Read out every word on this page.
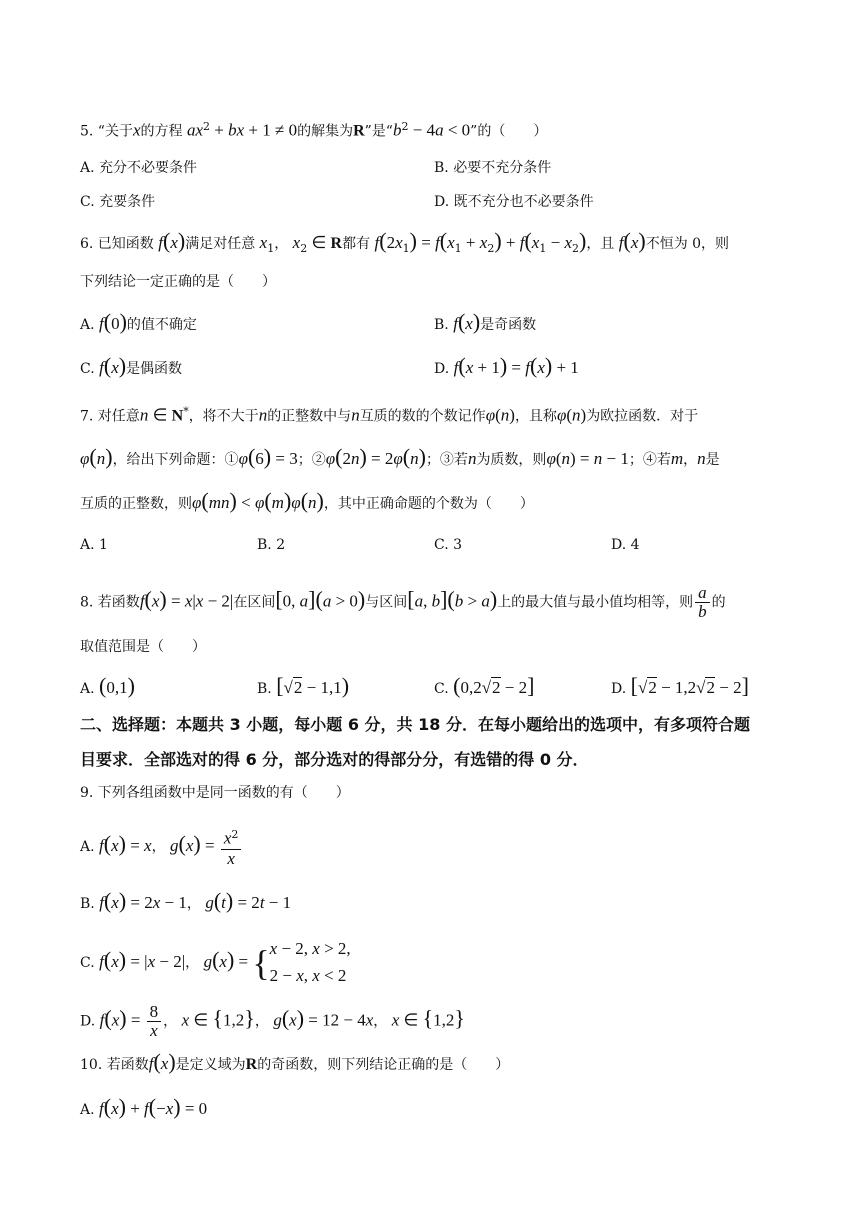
5. “关于x的方程 $ax^2$ + bx + 1 ≠ 0的解集为R”是“$b^2 - 4a < 0$”的（　　）
A. 充分不必要条件	B. 必要不充分条件
C. 充要条件	D. 既不充分也不必要条件
6. 已知函数 f(x)满足对任意 $x_1$， $x_2$ ∈ R都有 $f(2x_1) = f(x_1 + x_2) + f(x_1 - x_2)$，且 f(x)不恒为 0，则
下列结论一定正确的是（　　）
A. f(0)的值不确定	B. f(x)是奇函数
C. f(x)是偶函数	D. f(x + 1) = f(x) + 1
7. 对任意n ∈ N*，将不大于n的正整数中与n互质的数的个数记作φ(n)，且称φ(n)为欧拉函数．对于
φ(n)，给出下列命题：①φ(6) = 3；②φ(2n) = 2φ(n)；③若n为质数，则φ(n) = n − 1；④若m，n是
互质的正整数，则φ(mn) < φ(m)φ(n)，其中正确命题的个数为（　　）
A. 1	B. 2	C. 3	D. 4
8. 若函数f(x) = x|x − 2|在区间[0, a](a > 0)与区间[a, b](b > a)上的最大值与最小值均相等，则 $\frac{a}{b}$ 的
取值范围是（　　）
A. (0,1)	B. [√2 − 1,1)	C. (0,2√2 − 2]	D. [√2 − 1,2√2 − 2]
二、选择题：本题共 3 小题，每小题 6 分，共 18 分．在每小题给出的选项中，有多项符合题
目要求．全部选对的得 6 分，部分选对的得部分分，有选错的得 0 分．
9. 下列各组函数中是同一函数的有（　　）
A. f(x) = x， $g(x) = \frac{x^2}{x}$
B. f(x) = 2x − 1， g(t) = 2t − 1
C. f(x) = |x − 2|， g(x) = { x − 2, x > 2,
2 − x, x < 2
D. $f(x) = \frac{8}{x}$ ， x ∈ {1,2}， g(x) = 12 − 4x， x ∈ {1,2}
10. 若函数f(x)是定义域为R的奇函数，则下列结论正确的是（　　）
A. f(x) + f(−x) = 0
